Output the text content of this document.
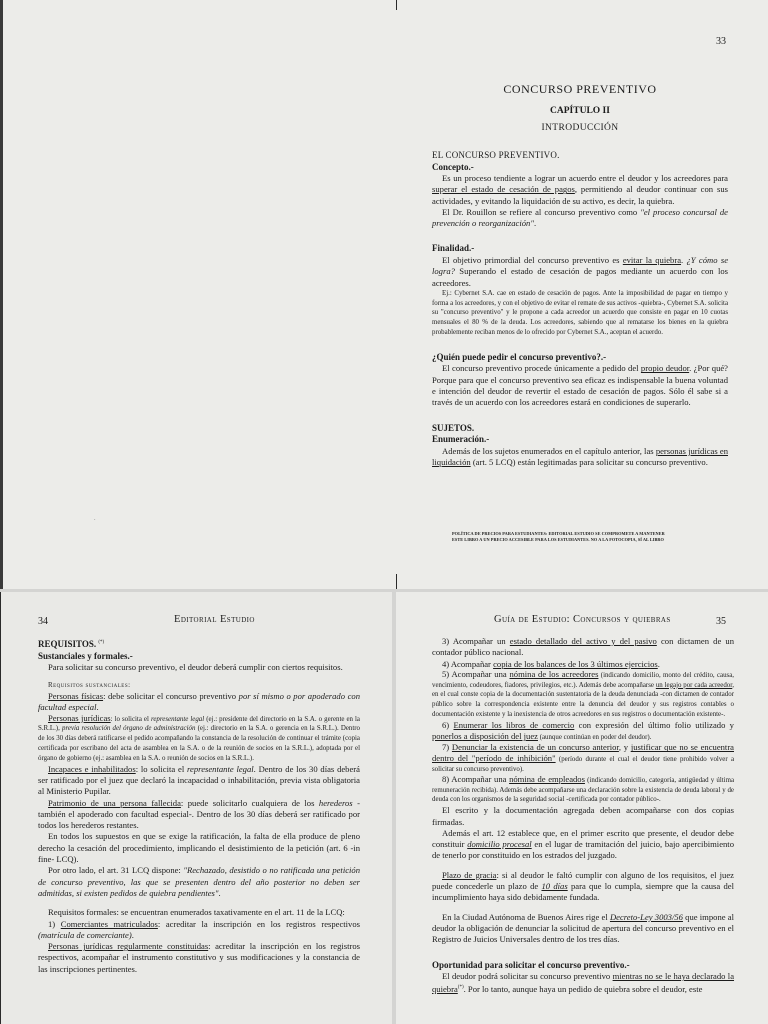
33
CONCURSO PREVENTIVO
CAPÍTULO II
INTRODUCCIÓN
EL CONCURSO PREVENTIVO.
Concepto.-

Es un proceso tendiente a lograr un acuerdo entre el deudor y los acreedores para superar el estado de cesación de pagos, permitiendo al deudor continuar con sus actividades, y evitando la liquidación de su activo, es decir, la quiebra.

El Dr. Rouillon se refiere al concurso preventivo como "el proceso concursal de prevención o reorganización".

Finalidad.-

El objetivo primordial del concurso preventivo es evitar la quiebra. ¿Y cómo se logra? Superando el estado de cesación de pagos mediante un acuerdo con los acreedores.

Ej.: Cybernet S.A. cae en estado de cesación de pagos. Ante la imposibilidad de pagar en tiempo y forma a los acreedores, y con el objetivo de evitar el remate de sus activos -quiebra-, Cybernet S.A. solicita su "concurso preventivo" y le propone a cada acreedor un acuerdo que consiste en pagar en 10 cuotas mensuales el 80 % de la deuda. Los acreedores, sabiendo que al rematarse los bienes en la quiebra probablemente reciban menos de lo ofrecido por Cybernet S.A., aceptan el acuerdo.

¿Quién puede pedir el concurso preventivo?.-

El concurso preventivo procede únicamente a pedido del propio deudor. ¿Por qué? Porque para que el concurso preventivo sea eficaz es indispensable la buena voluntad e intención del deudor de revertir el estado de cesación de pagos. Sólo él sabe si a través de un acuerdo con los acreedores estará en condiciones de superarlo.

SUJETOS.
Enumeración.-

Además de los sujetos enumerados en el capítulo anterior, las personas jurídicas en liquidación (art. 5 LCQ) están legitimadas para solicitar su concurso preventivo.

POLÍTICA DE PRECIOS PARA ESTUDIANTES: EDITORIAL ESTUDIO SE COMPROMETE A MANTENER
ESTE LIBRO A UN PRECIO ACCESIBLE PARA LOS ESTUDIANTES. NO A LA FOTOCOPIA, SÍ AL LIBRO
·
34	Editorial Estudio
REQUISITOS. (*)
Sustanciales y formales.-

Para solicitar su concurso preventivo, el deudor deberá cumplir con ciertos requisitos.

Requisitos sustanciales:

Personas físicas: debe solicitar el concurso preventivo por sí mismo o por apoderado con facultad especial.

Personas jurídicas: lo solicita el representante legal (ej.: presidente del directorio en la S.A. o gerente en la S.R.L.), previa resolución del órgano de administración (ej.: directorio en la S.A. o gerencia en la S.R.L.). Dentro de los 30 días deberá ratificarse el pedido acompañando la constancia de la resolución de continuar el trámite (copia certificada por escribano del acta de asamblea en la S.A. o de la reunión de socios en la S.R.L.), adoptada por el órgano de gobierno (ej.: asamblea en la S.A. o reunión de socios en la S.R.L.).

Incapaces e inhabilitados: lo solicita el representante legal. Dentro de los 30 días deberá ser ratificado por el juez que declaró la incapacidad o inhabilitación, previa vista obligatoria al Ministerio Pupilar.

Patrimonio de una persona fallecida: puede solicitarlo cualquiera de los herederos -también el apoderado con facultad especial-. Dentro de los 30 días deberá ser ratificado por todos los herederos restantes.

En todos los supuestos en que se exige la ratificación, la falta de ella produce de pleno derecho la cesación del procedimiento, implicando el desistimiento de la petición (art. 6 -in fine- LCQ).

Por otro lado, el art. 31 LCQ dispone: "Rechazado, desistido o no ratificada una petición de concurso preventivo, las que se presenten dentro del año posterior no deben ser admitidas, si existen pedidos de quiebra pendientes".

Requisitos formales: se encuentran enumerados taxativamente en el art. 11 de la LCQ:

1) Comerciantes matriculados: acreditar la inscripción en los registros respectivos (matrícula de comerciante).

Personas jurídicas regularmente constituidas: acreditar la inscripción en los registros respectivos, acompañar el instrumento constitutivo y sus modificaciones y la constancia de las inscripciones pertinentes.

Guía de Estudio: Concursos y quiebras	35

3) Acompañar un estado detallado del activo y del pasivo con dictamen de un contador público nacional.

4) Acompañar copia de los balances de los 3 últimos ejercicios.

5) Acompañar una nómina de los acreedores (indicando domicilio, monto del crédito, causa, vencimiento, codeudores, fiadores, privilegios, etc.). Además debe acompañarse un legajo por cada acreedor, en el cual conste copia de la documentación sustentatoria de la deuda denunciada -con dictamen de contador público sobre la correspondencia existente entre la denuncia del deudor y sus registros contables o documentación existente y la inexistencia de otros acreedores en sus registros o documentación existente-.

6) Enumerar los libros de comercio con expresión del último folio utilizado y ponerlos a disposición del juez (aunque continúan en poder del deudor).

7) Denunciar la existencia de un concurso anterior, y justificar que no se encuentra dentro del "período de inhibición" (período durante el cual el deudor tiene prohibido volver a solicitar su concurso preventivo).

8) Acompañar una nómina de empleados (indicando domicilio, categoría, antigüedad y última remuneración recibida). Además debe acompañarse una declaración sobre la existencia de deuda laboral y de deuda con los organismos de la seguridad social -certificada por contador público-.

El escrito y la documentación agregada deben acompañarse con dos copias firmadas.

Además el art. 12 establece que, en el primer escrito que presente, el deudor debe constituir domicilio procesal en el lugar de tramitación del juicio, bajo apercibimiento de tenerlo por constituido en los estrados del juzgado.

Plazo de gracia: si al deudor le faltó cumplir con alguno de los requisitos, el juez puede concederle un plazo de 10 días para que lo cumpla, siempre que la causa del incumplimiento haya sido debidamente fundada.

En la Ciudad Autónoma de Buenos Aires rige el Decreto-Ley 3003/56 que impone al deudor la obligación de denunciar la solicitud de apertura del concurso preventivo en el Registro de Juicios Universales dentro de los tres días.

Oportunidad para solicitar el concurso preventivo.-

El deudor podrá solicitar su concurso preventivo mientras no se le haya declarado la quiebra(*). Por lo tanto, aunque haya un pedido de quiebra sobre el deudor, este
